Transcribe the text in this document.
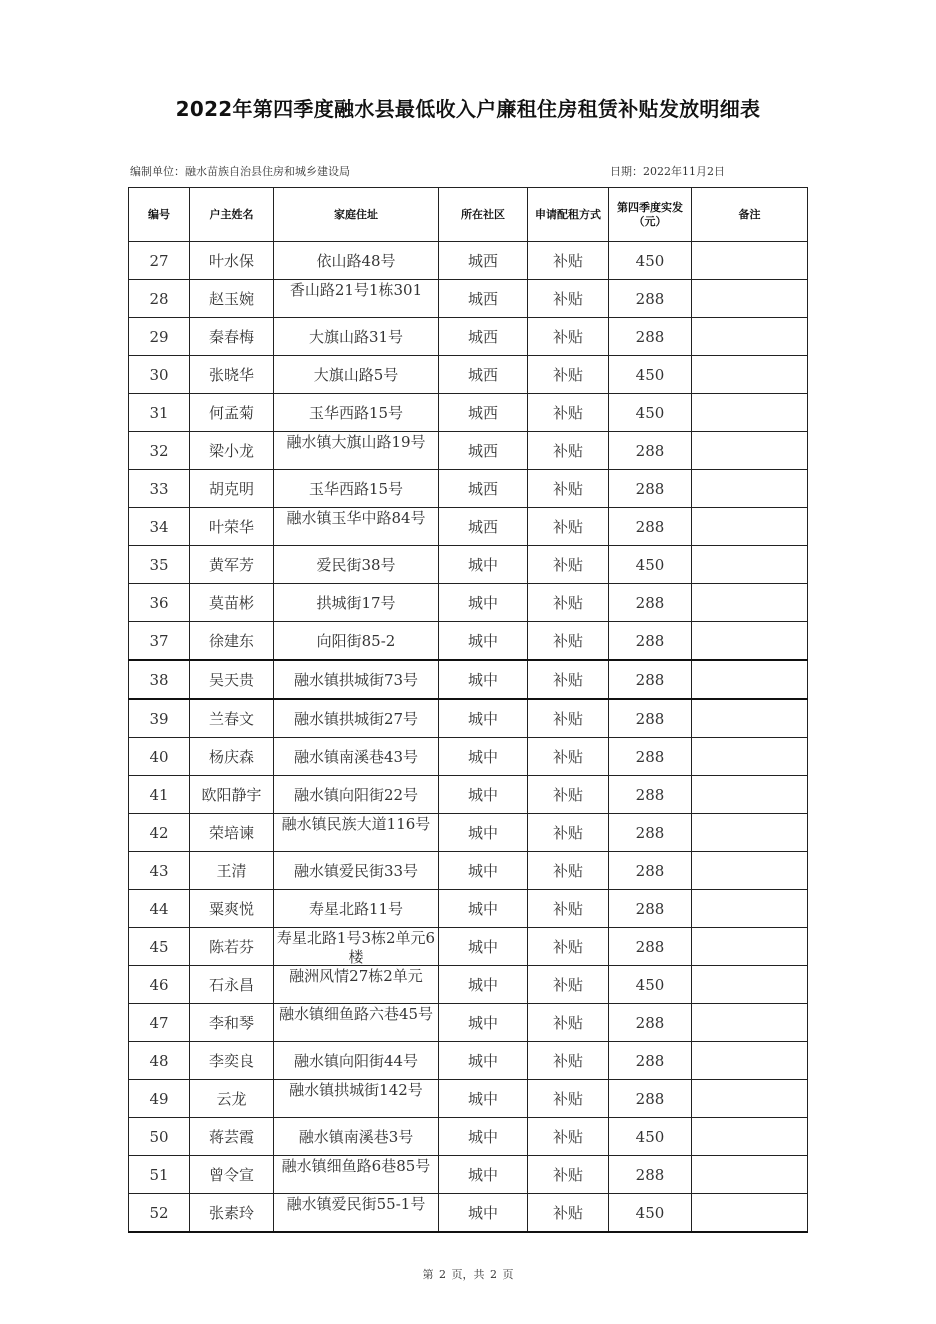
2022年第四季度融水县最低收入户廉租住房租赁补贴发放明细表
编制单位：融水苗族自治县住房和城乡建设局	日期：2022年11月2日
编号	户主姓名	家庭住址	所在社区	申请配租方式	第四季度实发（元）	备注
27	叶水保	依山路48号	城西	补贴	450	
28	赵玉婉	香山路21号1栋301	城西	补贴	288	
29	秦春梅	大旗山路31号	城西	补贴	288	
30	张晓华	大旗山路5号	城西	补贴	450	
31	何孟菊	玉华西路15号	城西	补贴	450	
32	梁小龙	融水镇大旗山路19号	城西	补贴	288	
33	胡克明	玉华西路15号	城西	补贴	288	
34	叶荣华	融水镇玉华中路84号	城西	补贴	288	
35	黄军芳	爱民街38号	城中	补贴	450	
36	莫苗彬	拱城街17号	城中	补贴	288	
37	徐建东	向阳街85-2	城中	补贴	288	
38	吴天贵	融水镇拱城街73号	城中	补贴	288	
39	兰春文	融水镇拱城街27号	城中	补贴	288	
40	杨庆森	融水镇南溪巷43号	城中	补贴	288	
41	欧阳静宇	融水镇向阳街22号	城中	补贴	288	
42	荣培谏	融水镇民族大道116号	城中	补贴	288	
43	王清	融水镇爱民街33号	城中	补贴	288	
44	粟爽悦	寿星北路11号	城中	补贴	288	
45	陈若芬	寿星北路1号3栋2单元6楼	城中	补贴	288	
46	石永昌	融洲风情27栋2单元	城中	补贴	450	
47	李和琴	融水镇细鱼路六巷45号	城中	补贴	288	
48	李奕良	融水镇向阳街44号	城中	补贴	288	
49	云龙	融水镇拱城街142号	城中	补贴	288	
50	蒋芸霞	融水镇南溪巷3号	城中	补贴	450	
51	曾令宣	融水镇细鱼路6巷85号	城中	补贴	288	
52	张素玲	融水镇爱民街55-1号	城中	补贴	450	
第 2 页，共 2 页
